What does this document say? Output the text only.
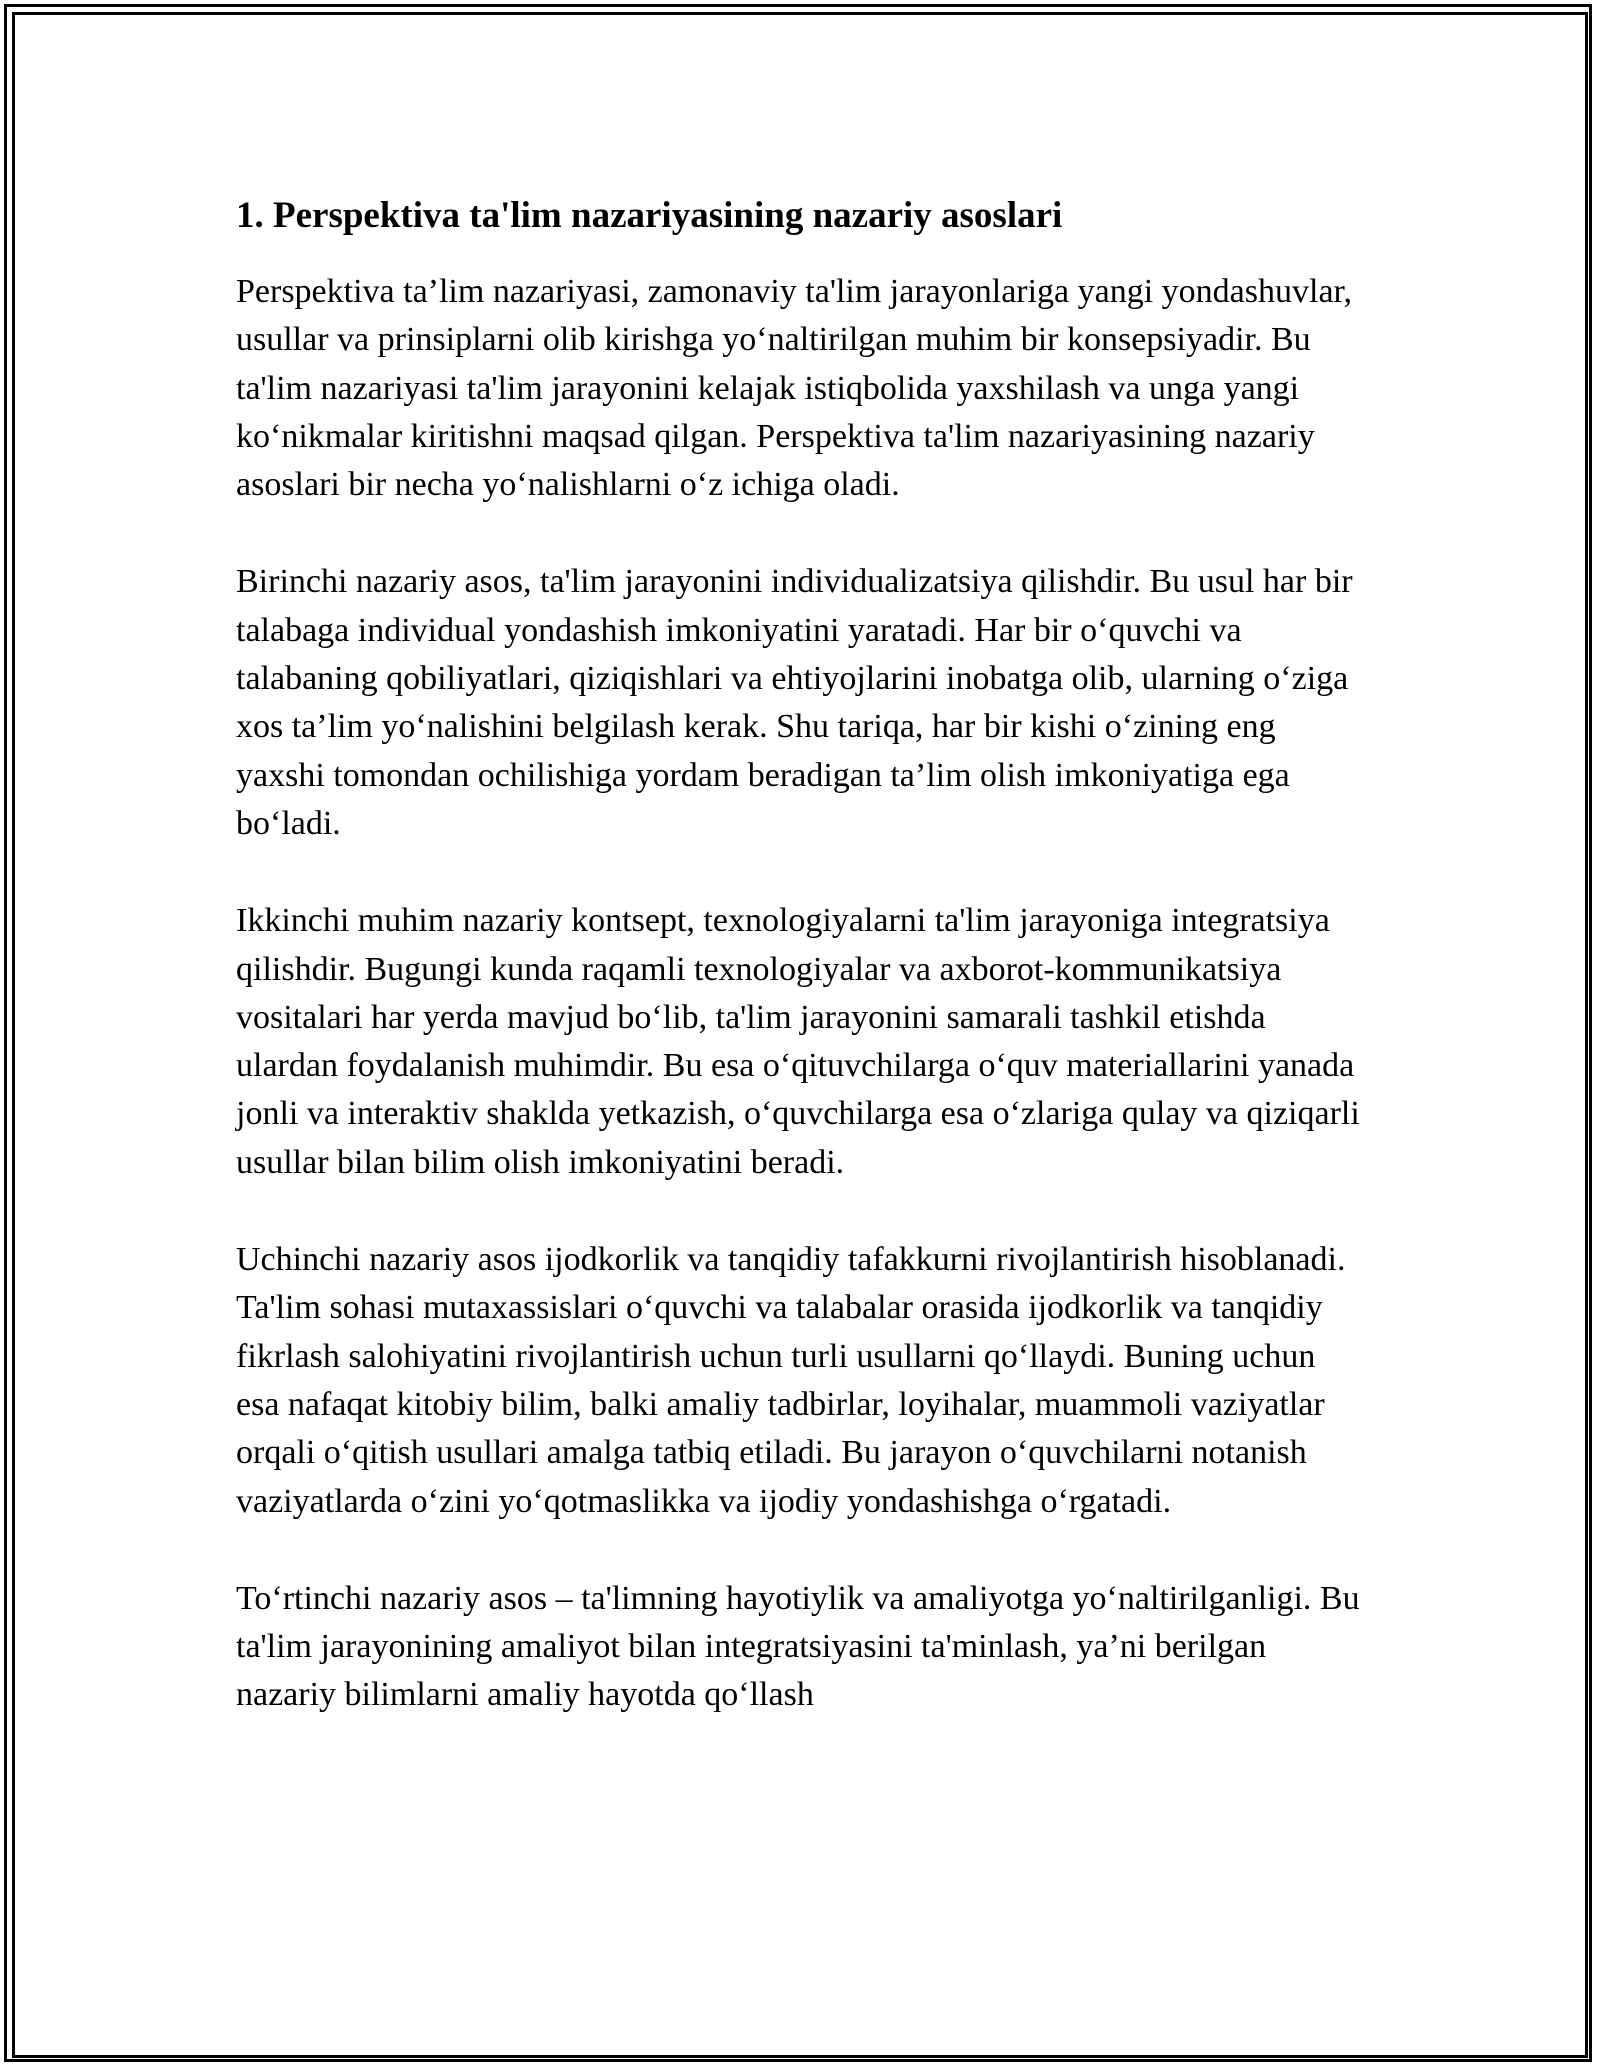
1. Perspektiva ta'lim nazariyasining nazariy asoslari

Perspektiva ta’lim nazariyasi, zamonaviy ta'lim jarayonlariga yangi yondashuvlar, usullar va prinsiplarni olib kirishga yo‘naltirilgan muhim bir konsepsiyadir. Bu ta'lim nazariyasi ta'lim jarayonini kelajak istiqbolida yaxshilash va unga yangi ko‘nikmalar kiritishni maqsad qilgan. Perspektiva ta'lim nazariyasining nazariy asoslari bir necha yo‘nalishlarni o‘z ichiga oladi.

Birinchi nazariy asos, ta'lim jarayonini individualizatsiya qilishdir. Bu usul har bir talabaga individual yondashish imkoniyatini yaratadi. Har bir o‘quvchi va talabaning qobiliyatlari, qiziqishlari va ehtiyojlarini inobatga olib, ularning o‘ziga xos ta’lim yo‘nalishini belgilash kerak. Shu tariqa, har bir kishi o‘zining eng yaxshi tomondan ochilishiga yordam beradigan ta’lim olish imkoniyatiga ega bo‘ladi.

Ikkinchi muhim nazariy kontsept, texnologiyalarni ta'lim jarayoniga integratsiya qilishdir. Bugungi kunda raqamli texnologiyalar va axborot-kommunikatsiya vositalari har yerda mavjud bo‘lib, ta'lim jarayonini samarali tashkil etishda ulardan foydalanish muhimdir. Bu esa o‘qituvchilarga o‘quv materiallarini yanada jonli va interaktiv shaklda yetkazish, o‘quvchilarga esa o‘zlariga qulay va qiziqarli usullar bilan bilim olish imkoniyatini beradi.

Uchinchi nazariy asos ijodkorlik va tanqidiy tafakkurni rivojlantirish hisoblanadi. Ta'lim sohasi mutaxassislari o‘quvchi va talabalar orasida ijodkorlik va tanqidiy fikrlash salohiyatini rivojlantirish uchun turli usullarni qo‘llaydi. Buning uchun esa nafaqat kitobiy bilim, balki amaliy tadbirlar, loyihalar, muammoli vaziyatlar orqali o‘qitish usullari amalga tatbiq etiladi. Bu jarayon o‘quvchilarni notanish vaziyatlarda o‘zini yo‘qotmaslikka va ijodiy yondashishga o‘rgatadi.

To‘rtinchi nazariy asos – ta'limning hayotiylik va amaliyotga yo‘naltirilganligi. Bu ta'lim jarayonining amaliyot bilan integratsiyasini ta'minlash, ya’ni berilgan nazariy bilimlarni amaliy hayotda qo‘llash
